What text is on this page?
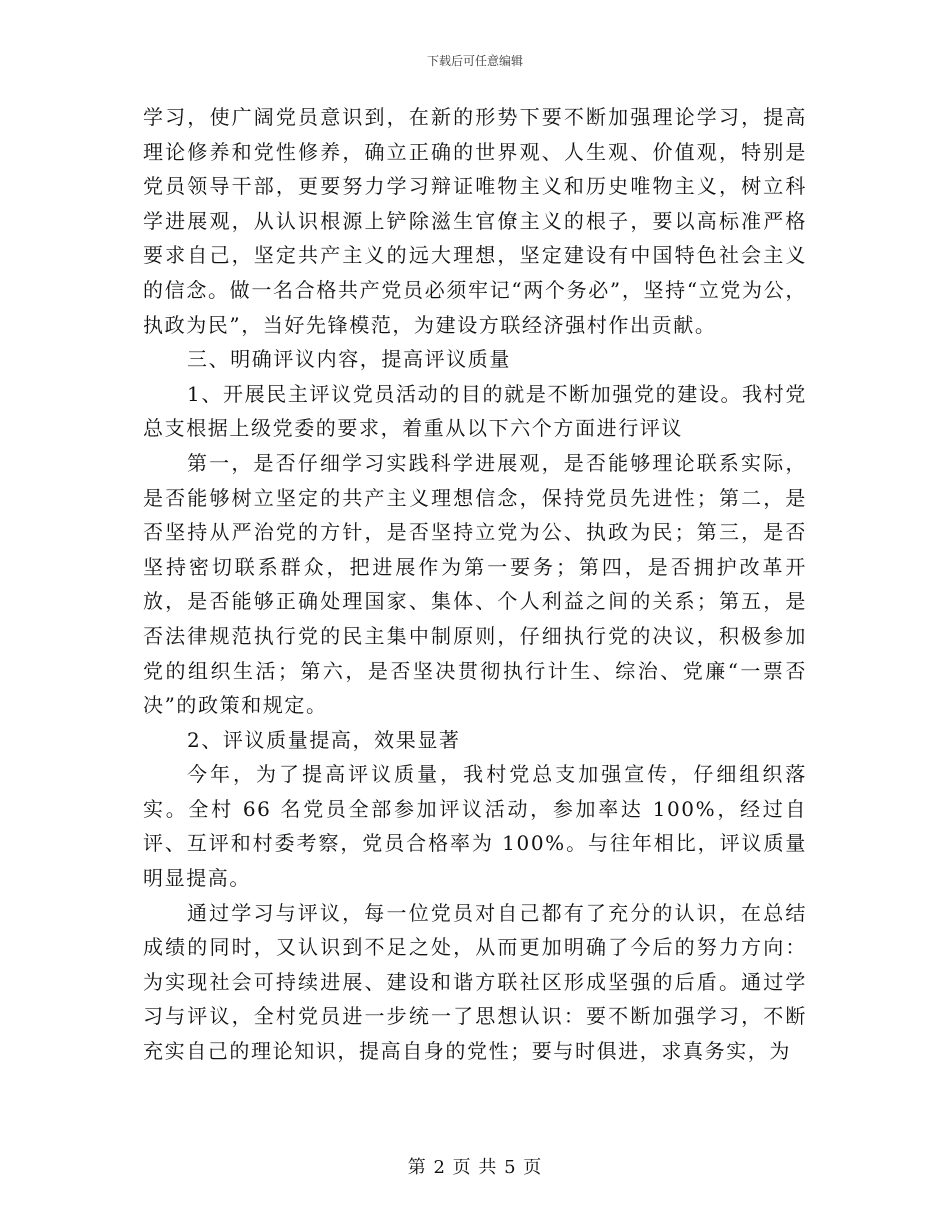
下载后可任意编辑

学习，使广阔党员意识到，在新的形势下要不断加强理论学习，提高理论修养和党性修养，确立正确的世界观、人生观、价值观，特别是党员领导干部，更要努力学习辩证唯物主义和历史唯物主义，树立科学进展观，从认识根源上铲除滋生官僚主义的根子，要以高标准严格要求自己，坚定共产主义的远大理想，坚定建设有中国特色社会主义的信念。做一名合格共产党员必须牢记“两个务必”，坚持“立党为公，执政为民”，当好先锋模范，为建设方联经济强村作出贡献。

三、明确评议内容，提高评议质量

1、开展民主评议党员活动的目的就是不断加强党的建设。我村党总支根据上级党委的要求，着重从以下六个方面进行评议

第一，是否仔细学习实践科学进展观，是否能够理论联系实际，是否能够树立坚定的共产主义理想信念，保持党员先进性；第二，是否坚持从严治党的方针，是否坚持立党为公、执政为民；第三，是否坚持密切联系群众，把进展作为第一要务；第四，是否拥护改革开放，是否能够正确处理国家、集体、个人利益之间的关系；第五，是否法律规范执行党的民主集中制原则，仔细执行党的决议，积极参加党的组织生活；第六，是否坚决贯彻执行计生、综治、党廉“一票否决”的政策和规定。

2、评议质量提高，效果显著

今年，为了提高评议质量，我村党总支加强宣传，仔细组织落实。全村 66 名党员全部参加评议活动，参加率达 100%，经过自评、互评和村委考察，党员合格率为 100%。与往年相比，评议质量明显提高。

通过学习与评议，每一位党员对自己都有了充分的认识，在总结成绩的同时，又认识到不足之处，从而更加明确了今后的努力方向：为实现社会可持续进展、建设和谐方联社区形成坚强的后盾。通过学习与评议，全村党员进一步统一了思想认识：要不断加强学习，不断充实自己的理论知识，提高自身的党性；要与时俱进，求真务实，为

第 2 页 共 5 页
